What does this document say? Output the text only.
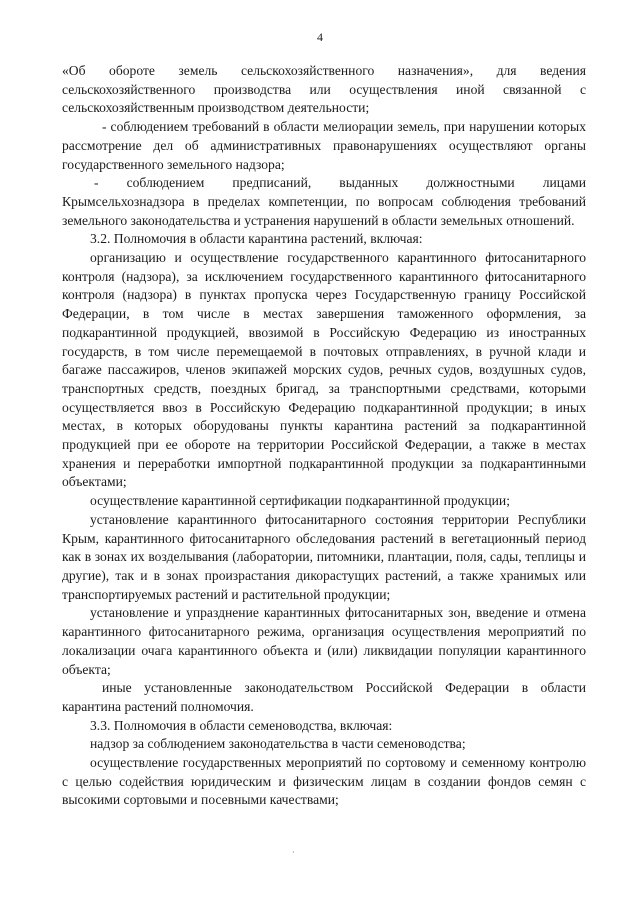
4

«Об обороте земель сельскохозяйственного назначения», для ведения сельскохозяйственного производства или осуществления иной связанной с сельскохозяйственным производством деятельности;

- соблюдением требований в области мелиорации земель, при нарушении которых рассмотрение дел об административных правонарушениях осуществляют органы государственного земельного надзора;

- соблюдением предписаний, выданных должностными лицами Крымсельхознадзора в пределах компетенции, по вопросам соблюдения требований земельного законодательства и устранения нарушений в области земельных отношений.

3.2. Полномочия в области карантина растений, включая:

организацию и осуществление государственного карантинного фитосанитарного контроля (надзора), за исключением государственного карантинного фитосанитарного контроля (надзора) в пунктах пропуска через Государственную границу Российской Федерации, в том числе в местах завершения таможенного оформления, за подкарантинной продукцией, ввозимой в Российскую Федерацию из иностранных государств, в том числе перемещаемой в почтовых отправлениях, в ручной клади и багаже пассажиров, членов экипажей морских судов, речных судов, воздушных судов, транспортных средств, поездных бригад, за транспортными средствами, которыми осуществляется ввоз в Российскую Федерацию подкарантинной продукции; в иных местах, в которых оборудованы пункты карантина растений за подкарантинной продукцией при ее обороте на территории Российской Федерации, а также в местах хранения и переработки импортной подкарантинной продукции за подкарантинными объектами;

осуществление карантинной сертификации подкарантинной продукции;

установление карантинного фитосанитарного состояния территории Республики Крым, карантинного фитосанитарного обследования растений в вегетационный период как в зонах их возделывания (лаборатории, питомники, плантации, поля, сады, теплицы и другие), так и в зонах произрастания дикорастущих растений, а также хранимых или транспортируемых растений и растительной продукции;

установление и упразднение карантинных фитосанитарных зон, введение и отмена карантинного фитосанитарного режима, организация осуществления мероприятий по локализации очага карантинного объекта и (или) ликвидации популяции карантинного объекта;

иные установленные законодательством Российской Федерации в области карантина растений полномочия.

3.3. Полномочия в области семеноводства, включая:

надзор за соблюдением законодательства в части семеноводства;

осуществление государственных мероприятий по сортовому и семенному контролю с целью содействия юридическим и физическим лицам в создании фондов семян с высокими сортовыми и посевными качествами;

·
